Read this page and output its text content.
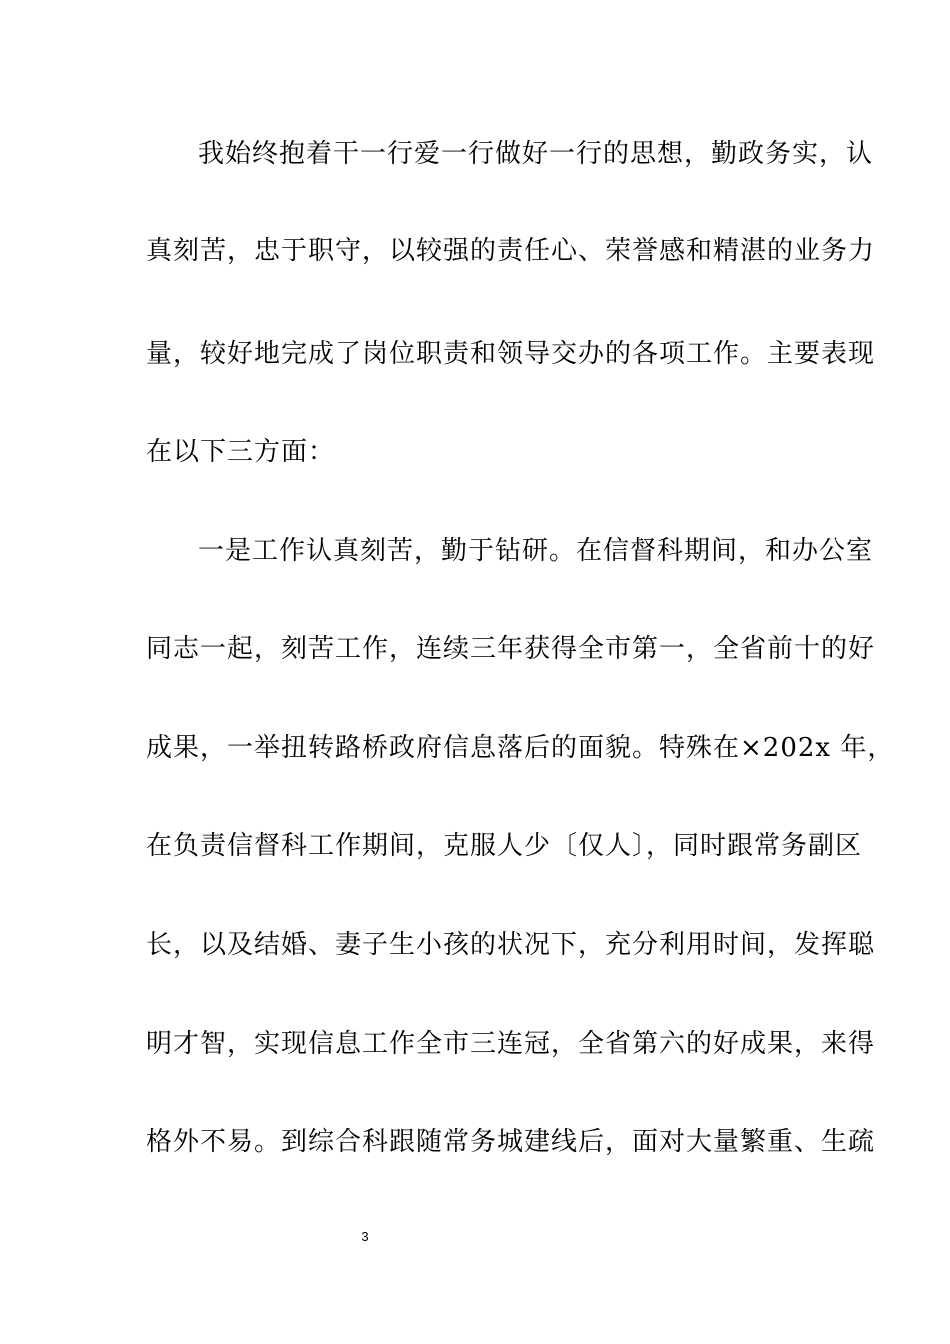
我始终抱着干一行爱一行做好一行的思想，勤政务实，认
真刻苦，忠于职守，以较强的责任心、荣誉感和精湛的业务力
量，较好地完成了岗位职责和领导交办的各项工作。主要表现
在以下三方面：
一是工作认真刻苦，勤于钻研。在信督科期间，和办公室
同志一起，刻苦工作，连续三年获得全市第一，全省前十的好
成果，一举扭转路桥政府信息落后的面貌。特殊在×202x 年，
在负责信督科工作期间，克服人少〔仅人〕，同时跟常务副区
长，以及结婚、妻子生小孩的状况下，充分利用时间，发挥聪
明才智，实现信息工作全市三连冠，全省第六的好成果，来得
格外不易。到综合科跟随常务城建线后，面对大量繁重、生疏
3
